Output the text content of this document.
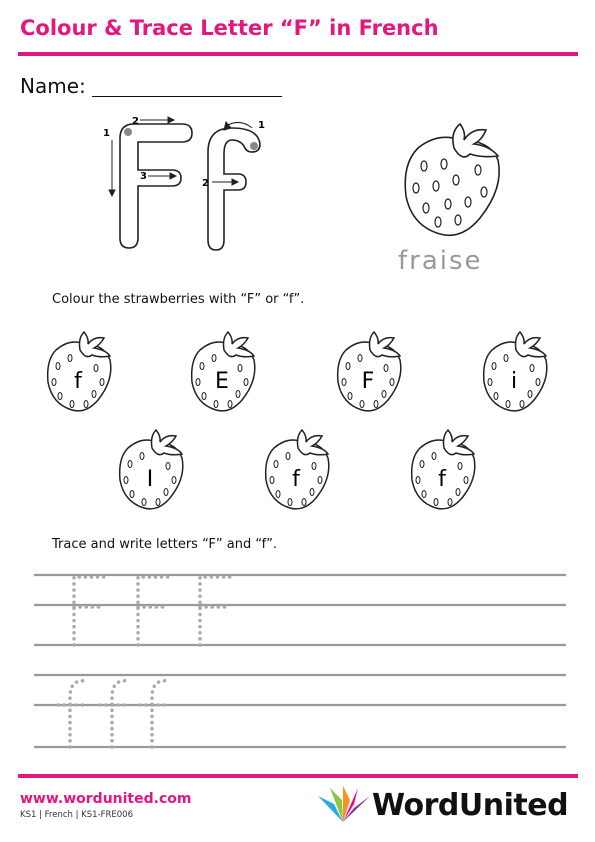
Colour & Trace Letter “F” in French
Name:
1
2
3
1
2
fraise
Colour the strawberries with “F” or “f”.
f	E	F	i
I	f	f
Trace and write letters “F” and “f”.
www.wordunited.com
KS1 | French | KS1-FRE006	WordUnited
